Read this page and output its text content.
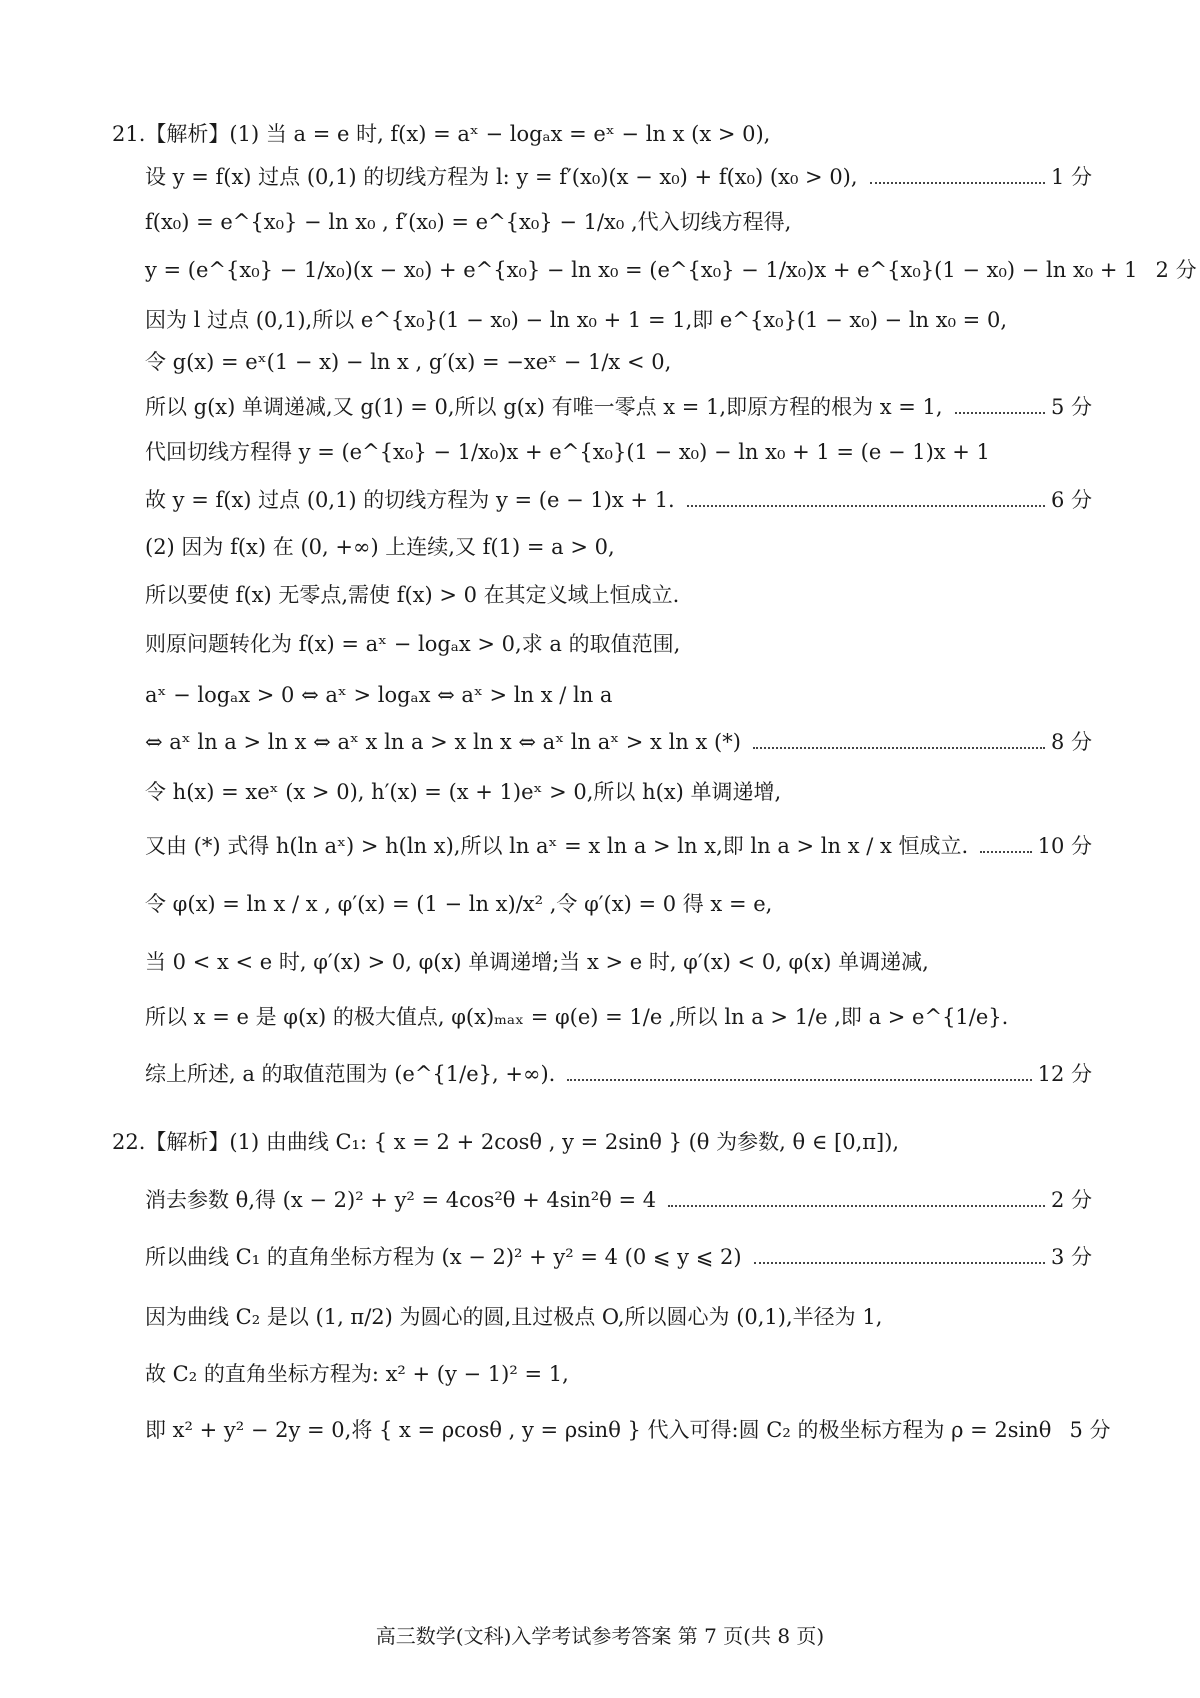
21.【解析】(1) 当 a = e 时, f(x) = aˣ − logₐx = eˣ − ln x (x > 0),
设 y = f(x) 过点 (0,1) 的切线方程为 l: y = f′(x₀)(x − x₀) + f(x₀) (x₀ > 0),	1 分
f(x₀) = e^{x₀} − ln x₀ , f′(x₀) = e^{x₀} − 1/x₀ ,代入切线方程得,
y = (e^{x₀} − 1/x₀)(x − x₀) + e^{x₀} − ln x₀ = (e^{x₀} − 1/x₀)x + e^{x₀}(1 − x₀) − ln x₀ + 1 2 分
因为 l 过点 (0,1),所以 e^{x₀}(1 − x₀) − ln x₀ + 1 = 1,即 e^{x₀}(1 − x₀) − ln x₀ = 0,
令 g(x) = eˣ(1 − x) − ln x , g′(x) = −xeˣ − 1/x < 0,
所以 g(x) 单调递减,又 g(1) = 0,所以 g(x) 有唯一零点 x = 1,即原方程的根为 x = 1,	5 分
代回切线方程得 y = (e^{x₀} − 1/x₀)x + e^{x₀}(1 − x₀) − ln x₀ + 1 = (e − 1)x + 1
故 y = f(x) 过点 (0,1) 的切线方程为 y = (e − 1)x + 1.	6 分
(2) 因为 f(x) 在 (0, +∞) 上连续,又 f(1) = a > 0,
所以要使 f(x) 无零点,需使 f(x) > 0 在其定义域上恒成立.
则原问题转化为 f(x) = aˣ − logₐx > 0,求 a 的取值范围,
aˣ − logₐx > 0 ⇔ aˣ > logₐx ⇔ aˣ > ln x / ln a
⇔ aˣ ln a > ln x ⇔ aˣ x ln a > x ln x ⇔ aˣ ln aˣ > x ln x (*)	8 分
令 h(x) = xeˣ (x > 0), h′(x) = (x + 1)eˣ > 0,所以 h(x) 单调递增,
又由 (*) 式得 h(ln aˣ) > h(ln x),所以 ln aˣ = x ln a > ln x,即 ln a > ln x / x 恒成立.	10 分
令 φ(x) = ln x / x , φ′(x) = (1 − ln x)/x² ,令 φ′(x) = 0 得 x = e,
当 0 < x < e 时, φ′(x) > 0, φ(x) 单调递增;当 x > e 时, φ′(x) < 0, φ(x) 单调递减,
所以 x = e 是 φ(x) 的极大值点, φ(x)ₘₐₓ = φ(e) = 1/e ,所以 ln a > 1/e ,即 a > e^{1/e}.
综上所述, a 的取值范围为 (e^{1/e}, +∞).	12 分
22.【解析】(1) 由曲线 C₁: { x = 2 + 2cosθ , y = 2sinθ } (θ 为参数, θ ∈ [0,π]),
消去参数 θ,得 (x − 2)² + y² = 4cos²θ + 4sin²θ = 4	2 分
所以曲线 C₁ 的直角坐标方程为 (x − 2)² + y² = 4 (0 ⩽ y ⩽ 2)	3 分
因为曲线 C₂ 是以 (1, π/2) 为圆心的圆,且过极点 O,所以圆心为 (0,1),半径为 1,
故 C₂ 的直角坐标方程为: x² + (y − 1)² = 1,
即 x² + y² − 2y = 0,将 { x = ρcosθ , y = ρsinθ } 代入可得:圆 C₂ 的极坐标方程为 ρ = 2sinθ 5 分
高三数学(文科)入学考试参考答案 第 7 页(共 8 页)
